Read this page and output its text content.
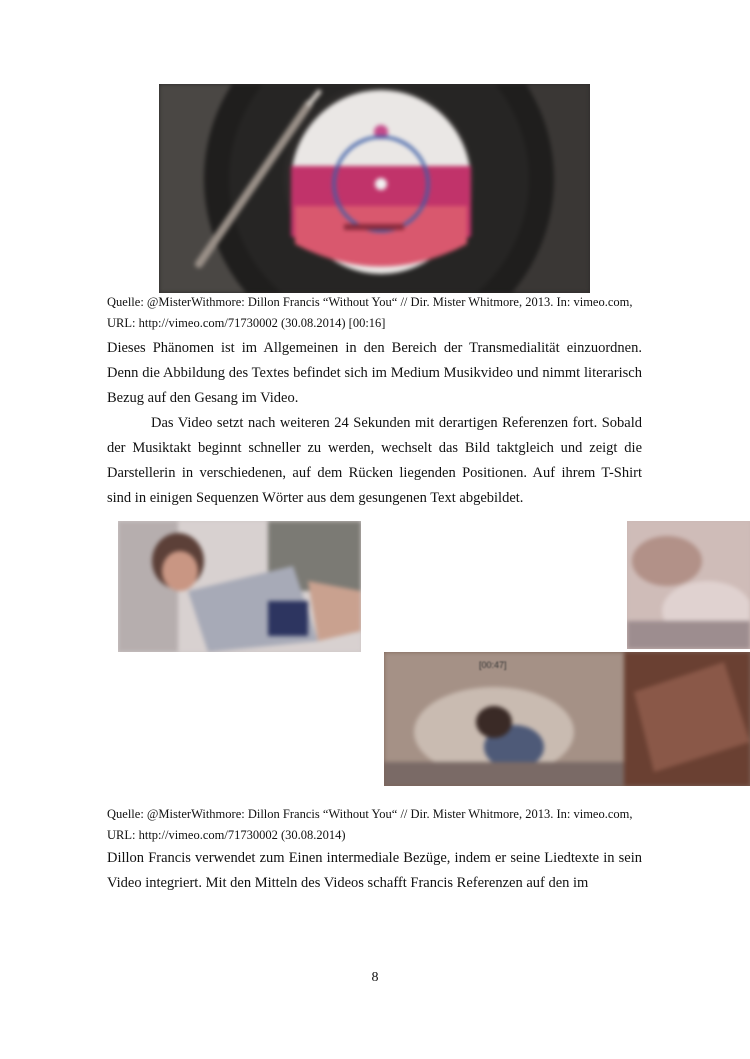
Quelle: @MisterWithmore: Dillon Francis “Without You“ // Dir. Mister Whitmore, 2013. In: vimeo.com,
URL: http://vimeo.com/71730002 (30.08.2014) [00:16]

Dieses Phänomen ist im Allgemeinen in den Bereich der Transmedialität einzuordnen. Denn die Abbildung des Textes befindet sich im Medium Musikvideo und nimmt literarisch Bezug auf den Gesang im Video.

Das Video setzt nach weiteren 24 Sekunden mit derartigen Referenzen fort. Sobald der Musiktakt beginnt schneller zu werden, wechselt das Bild taktgleich und zeigt die Darstellerin in verschiedenen, auf dem Rücken liegenden Positionen. Auf ihrem T-Shirt sind in einigen Sequenzen Wörter aus dem gesungenen Text abgebildet.

[00:47]
Quelle: @MisterWithmore: Dillon Francis “Without You“ // Dir. Mister Whitmore, 2013. In: vimeo.com,
URL: http://vimeo.com/71730002 (30.08.2014)

Dillon Francis verwendet zum Einen intermediale Bezüge, indem er seine Liedtexte in sein Video integriert. Mit den Mitteln des Videos schafft Francis Referenzen auf den im

8
